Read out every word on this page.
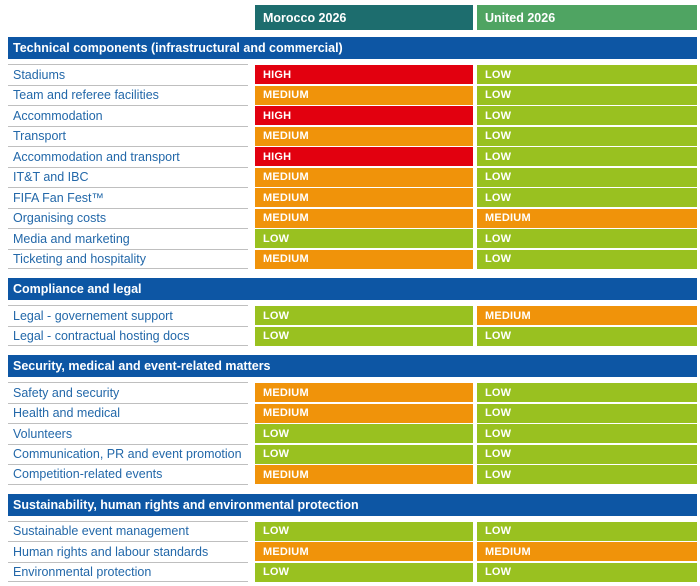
Morocco 2026	United 2026
Technical components (infrastructural and commercial)
Stadiums	HIGH	LOW
Team and referee facilities	MEDIUM	LOW
Accommodation	HIGH	LOW
Transport	MEDIUM	LOW
Accommodation and transport	HIGH	LOW
IT&T and IBC	MEDIUM	LOW
FIFA Fan Fest™	MEDIUM	LOW
Organising costs	MEDIUM	MEDIUM
Media and marketing	LOW	LOW
Ticketing and hospitality	MEDIUM	LOW
Compliance and legal
Legal - governement support	LOW	MEDIUM
Legal - contractual hosting docs	LOW	LOW
Security, medical and event-related matters
Safety and security	MEDIUM	LOW
Health and medical	MEDIUM	LOW
Volunteers	LOW	LOW
Communication, PR and event promotion	LOW	LOW
Competition-related events	MEDIUM	LOW
Sustainability, human rights and environmental protection
Sustainable event management	LOW	LOW
Human rights and labour standards	MEDIUM	MEDIUM
Environmental protection	LOW	LOW
